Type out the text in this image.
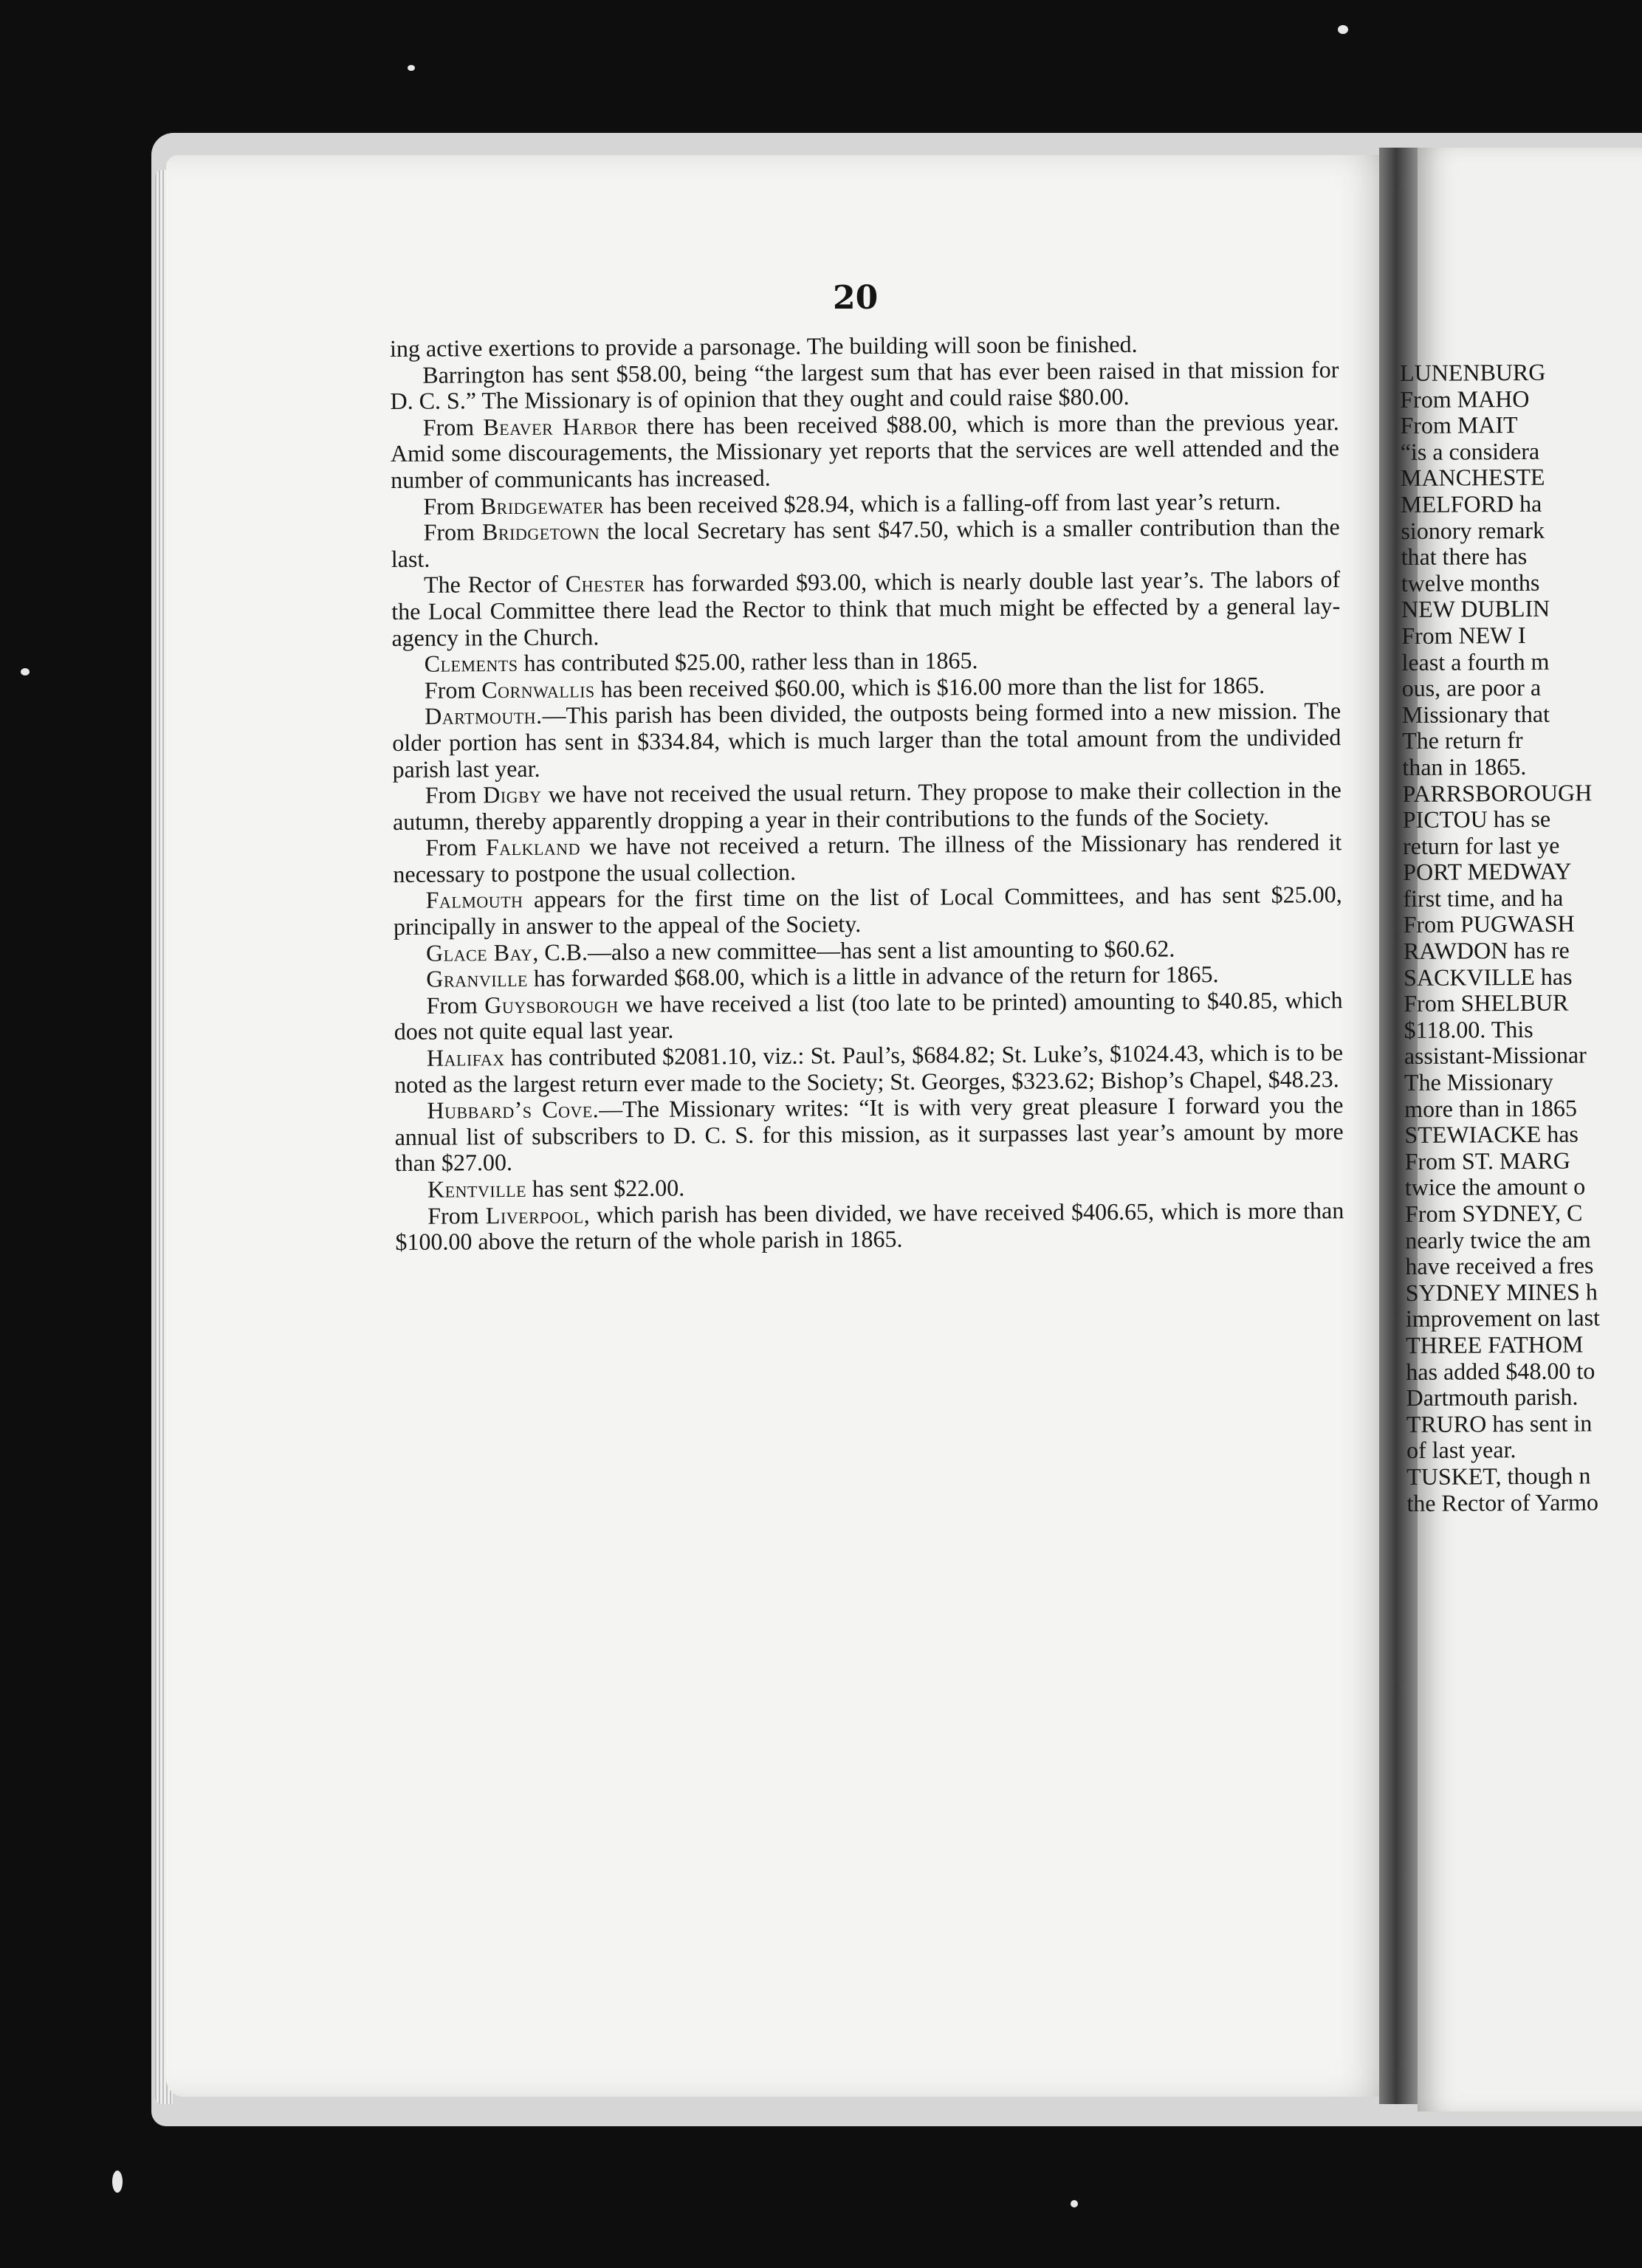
20

ing active exertions to provide a parsonage. The building will soon be finished.

Barrington has sent $58.00, being “the largest sum that has ever been raised in that mission for D. C. S.” The Missionary is of opinion that they ought and could raise $80.00.

From Beaver Harbor there has been received $88.00, which is more than the previous year. Amid some discouragements, the Missionary yet reports that the services are well attended and the number of communicants has increased.

From Bridgewater has been received $28.94, which is a falling-off from last year’s return.

From Bridgetown the local Secretary has sent $47.50, which is a smaller contribution than the last.

The Rector of Chester has forwarded $93.00, which is nearly double last year’s. The labors of the Local Committee there lead the Rector to think that much might be effected by a general lay-agency in the Church.

Clements has contributed $25.00, rather less than in 1865.

From Cornwallis has been received $60.00, which is $16.00 more than the list for 1865.

Dartmouth.—This parish has been divided, the outposts being formed into a new mission. The older portion has sent in $334.84, which is much larger than the total amount from the undivided parish last year.

From Digby we have not received the usual return. They propose to make their collection in the autumn, thereby apparently dropping a year in their contributions to the funds of the Society.

From Falkland we have not received a return. The illness of the Missionary has rendered it necessary to postpone the usual collection.

Falmouth appears for the first time on the list of Local Committees, and has sent $25.00, principally in answer to the appeal of the Society.

Glace Bay, C.B.—also a new committee—has sent a list amounting to $60.62.

Granville has forwarded $68.00, which is a little in advance of the return for 1865.

From Guysborough we have received a list (too late to be printed) amounting to $40.85, which does not quite equal last year.

Halifax has contributed $2081.10, viz.: St. Paul’s, $684.82; St. Luke’s, $1024.43, which is to be noted as the largest return ever made to the Society; St. Georges, $323.62; Bishop’s Chapel, $48.23.

Hubbard’s Cove.—The Missionary writes: “It is with very great pleasure I forward you the annual list of subscribers to D. C. S. for this mission, as it surpasses last year’s amount by more than $27.00.

Kentville has sent $22.00.

From Liverpool, which parish has been divided, we have received $406.65, which is more than $100.00 above the return of the whole parish in 1865.

LUNENBURG
From MAHO
From MAIT
“is a considera
MANCHESTE
MELFORD ha
sionory remark
that there has
twelve months
NEW DUBLIN
From NEW I
least a fourth m
ous, are poor a
Missionary that
The return fr
than in 1865.
PARRSBOROUGH
PICTOU has se
return for last ye
PORT MEDWAY
first time, and ha
From PUGWASH
RAWDON has re
SACKVILLE has
From SHELBUR
$118.00. This
assistant-Missionar
The Missionary
more than in 1865
STEWIACKE has
From ST. MARG
twice the amount o
From SYDNEY, C
nearly twice the am
have received a fres
SYDNEY MINES h
improvement on last
THREE FATHOM
has added $48.00 to
Dartmouth parish.
TRURO has sent in
of last year.
TUSKET, though n
the Rector of Yarmo
